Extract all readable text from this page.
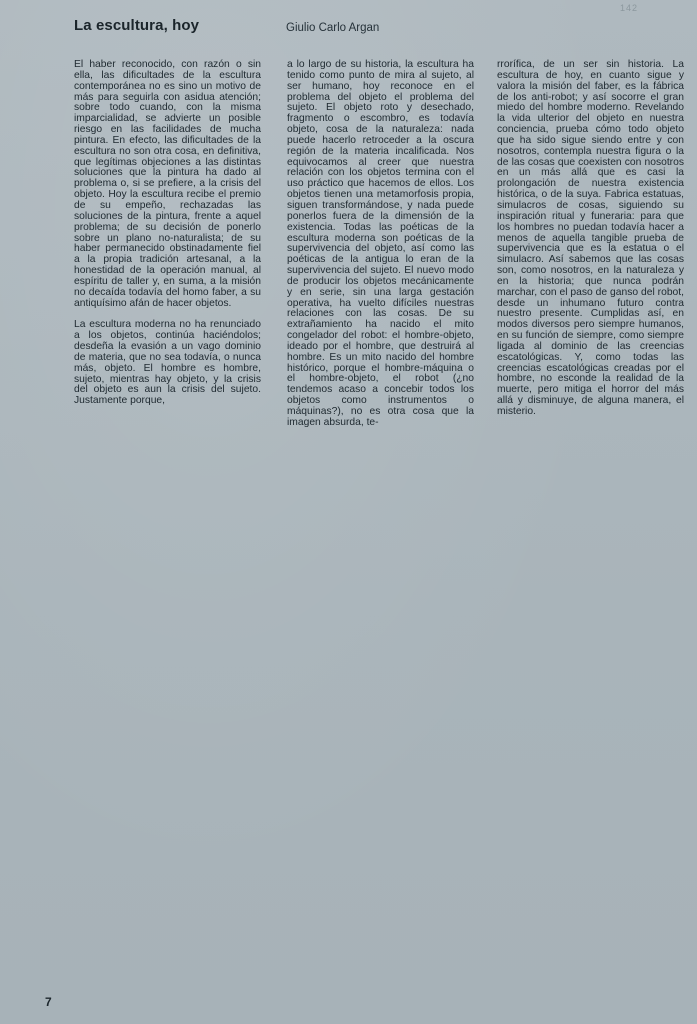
La escultura, hoy	Giulio Carlo Argan

142

El haber reconocido, con razón o sin ella, las dificultades de la escultura contemporánea no es sino un motivo de más para seguirla con asidua atención; sobre todo cuando, con la misma imparcialidad, se advierte un posible riesgo en las facilidades de mucha pintura. En efecto, las dificultades de la escultura no son otra cosa, en definitiva, que legítimas objeciones a las distintas soluciones que la pintura ha dado al problema o, si se prefiere, a la crisis del objeto. Hoy la escultura recibe el premio de su empeño, rechazadas las soluciones de la pintura, frente a aquel problema; de su decisión de ponerlo sobre un plano no-naturalista; de su haber permanecido obstinadamente fiel a la propia tradición artesanal, a la honestidad de la operación manual, al espíritu de taller y, en suma, a la misión no decaída todavía del homo faber, a su antiquísimo afán de hacer objetos.

La escultura moderna no ha renunciado a los objetos, continúa haciéndolos; desdeña la evasión a un vago dominio de materia, que no sea todavía, o nunca más, objeto. El hombre es hombre, sujeto, mientras hay objeto, y la crisis del objeto es aun la crisis del sujeto. Justamente porque,

a lo largo de su historia, la escultura ha tenido como punto de mira al sujeto, al ser humano, hoy reconoce en el problema del objeto el problema del sujeto. El objeto roto y desechado, fragmento o escombro, es todavía objeto, cosa de la naturaleza: nada puede hacerlo retroceder a la oscura región de la materia incalificada. Nos equivocamos al creer que nuestra relación con los objetos termina con el uso práctico que hacemos de ellos. Los objetos tienen una metamorfosis propia, siguen transformándose, y nada puede ponerlos fuera de la dimensión de la existencia. Todas las poéticas de la escultura moderna son poéticas de la supervivencia del objeto, así como las poéticas de la antigua lo eran de la supervivencia del sujeto. El nuevo modo de producir los objetos mecánicamente y en serie, sin una larga gestación operativa, ha vuelto difíciles nuestras relaciones con las cosas. De su extrañamiento ha nacido el mito congelador del robot: el hombre-objeto, ideado por el hombre, que destruirá al hombre. Es un mito nacido del hombre histórico, porque el hombre-máquina o el hombre-objeto, el robot (¿no tendemos acaso a concebir todos los objetos como instrumentos o máquinas?), no es otra cosa que la imagen absurda, te-

rrorífica, de un ser sin historia. La escultura de hoy, en cuanto sigue y valora la misión del faber, es la fábrica de los anti-robot; y así socorre el gran miedo del hombre moderno. Revelando la vida ulterior del objeto en nuestra conciencia, prueba cómo todo objeto que ha sido sigue siendo entre y con nosotros, contempla nuestra figura o la de las cosas que coexisten con nosotros en un más allá que es casi la prolongación de nuestra existencia histórica, o de la suya. Fabrica estatuas, simulacros de cosas, siguiendo su inspiración ritual y funeraria: para que los hombres no puedan todavía hacer a menos de aquella tangible prueba de supervivencia que es la estatua o el simulacro. Así sabemos que las cosas son, como nosotros, en la naturaleza y en la historia; que nunca podrán marchar, con el paso de ganso del robot, desde un inhumano futuro contra nuestro presente. Cumplidas así, en modos diversos pero siempre humanos, en su función de siempre, como siempre ligada al dominio de las creencias escatológicas. Y, como todas las creencias escatológicas creadas por el hombre, no esconde la realidad de la muerte, pero mitiga el horror del más allá y disminuye, de alguna manera, el misterio.

7
